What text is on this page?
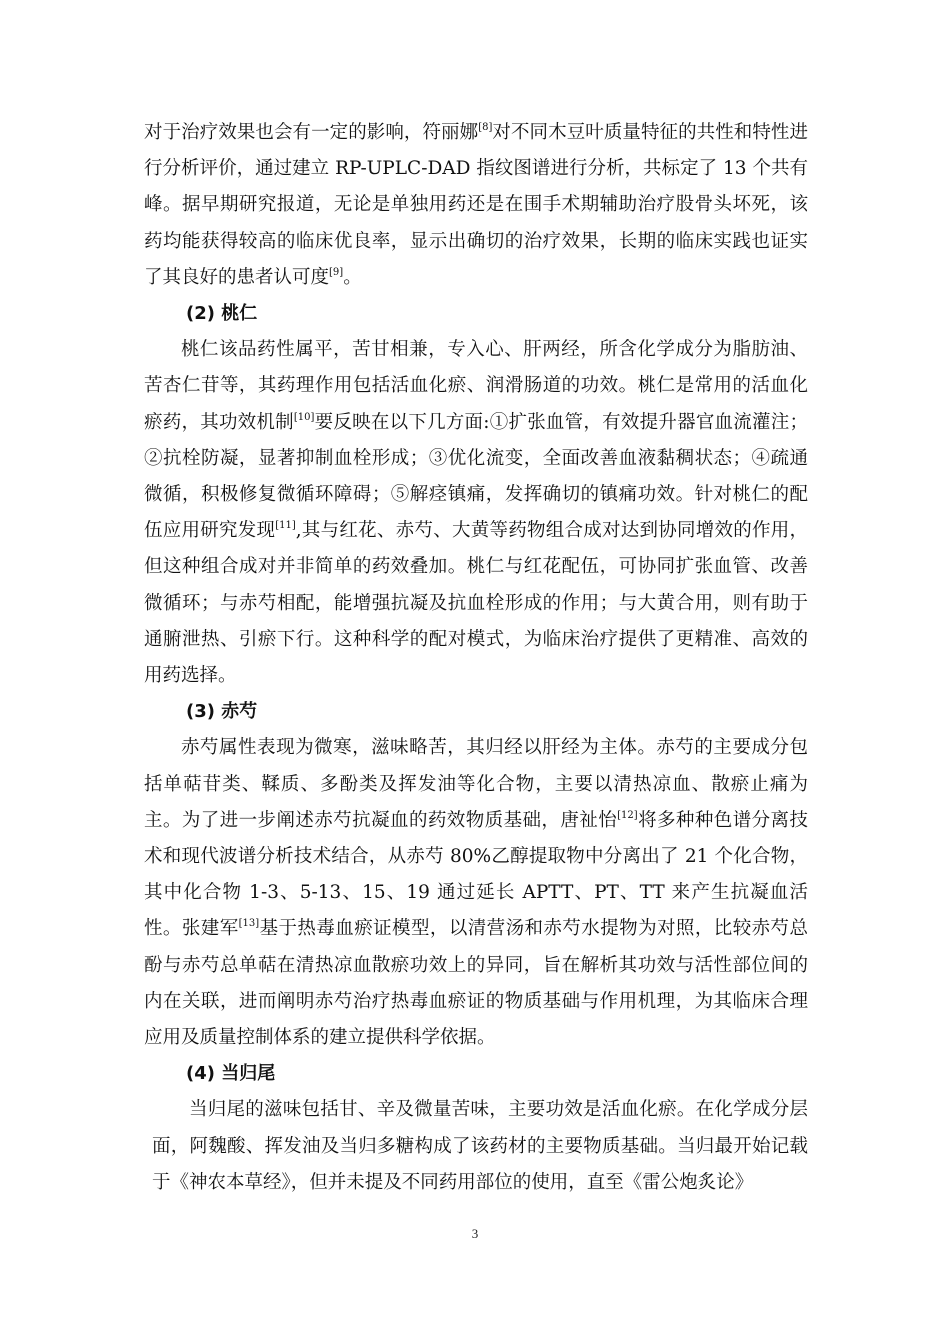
对于治疗效果也会有一定的影响，符丽娜[8]对不同木豆叶质量特征的共性和特性进行分析评价，通过建立 RP-UPLC-DAD 指纹图谱进行分析，共标定了 13 个共有峰。据早期研究报道，无论是单独用药还是在围手术期辅助治疗股骨头坏死，该药均能获得较高的临床优良率，显示出确切的治疗效果，长期的临床实践也证实了其良好的患者认可度[9]。

(2) 桃仁

桃仁该品药性属平，苦甘相兼，专入心、肝两经，所含化学成分为脂肪油、苦杏仁苷等，其药理作用包括活血化瘀、润滑肠道的功效。桃仁是常用的活血化瘀药，其功效机制[10]要反映在以下几方面:①扩张血管，有效提升器官血流灌注；②抗栓防凝，显著抑制血栓形成；③优化流变，全面改善血液黏稠状态；④疏通微循，积极修复微循环障碍；⑤解痉镇痛，发挥确切的镇痛功效。针对桃仁的配伍应用研究发现[11],其与红花、赤芍、大黄等药物组合成对达到协同增效的作用，但这种组合成对并非简单的药效叠加。桃仁与红花配伍，可协同扩张血管、改善微循环；与赤芍相配，能增强抗凝及抗血栓形成的作用；与大黄合用，则有助于通腑泄热、引瘀下行。这种科学的配对模式，为临床治疗提供了更精准、高效的用药选择。

(3) 赤芍

赤芍属性表现为微寒，滋味略苦，其归经以肝经为主体。赤芍的主要成分包括单萜苷类、鞣质、多酚类及挥发油等化合物，主要以清热凉血、散瘀止痛为主。为了进一步阐述赤芍抗凝血的药效物质基础，唐祉怡[12]将多种种色谱分离技术和现代波谱分析技术结合，从赤芍 80%乙醇提取物中分离出了 21 个化合物，其中化合物 1-3、5-13、15、19 通过延长 APTT、PT、TT 来产生抗凝血活性。张建军[13]基于热毒血瘀证模型，以清营汤和赤芍水提物为对照，比较赤芍总酚与赤芍总单萜在清热凉血散瘀功效上的异同，旨在解析其功效与活性部位间的内在关联，进而阐明赤芍治疗热毒血瘀证的物质基础与作用机理，为其临床合理应用及质量控制体系的建立提供科学依据。

(4) 当归尾

当归尾的滋味包括甘、辛及微量苦味，主要功效是活血化瘀。在化学成分层面，阿魏酸、挥发油及当归多糖构成了该药材的主要物质基础。当归最开始记载于《神农本草经》，但并未提及不同药用部位的使用，直至《雷公炮炙论》

3
